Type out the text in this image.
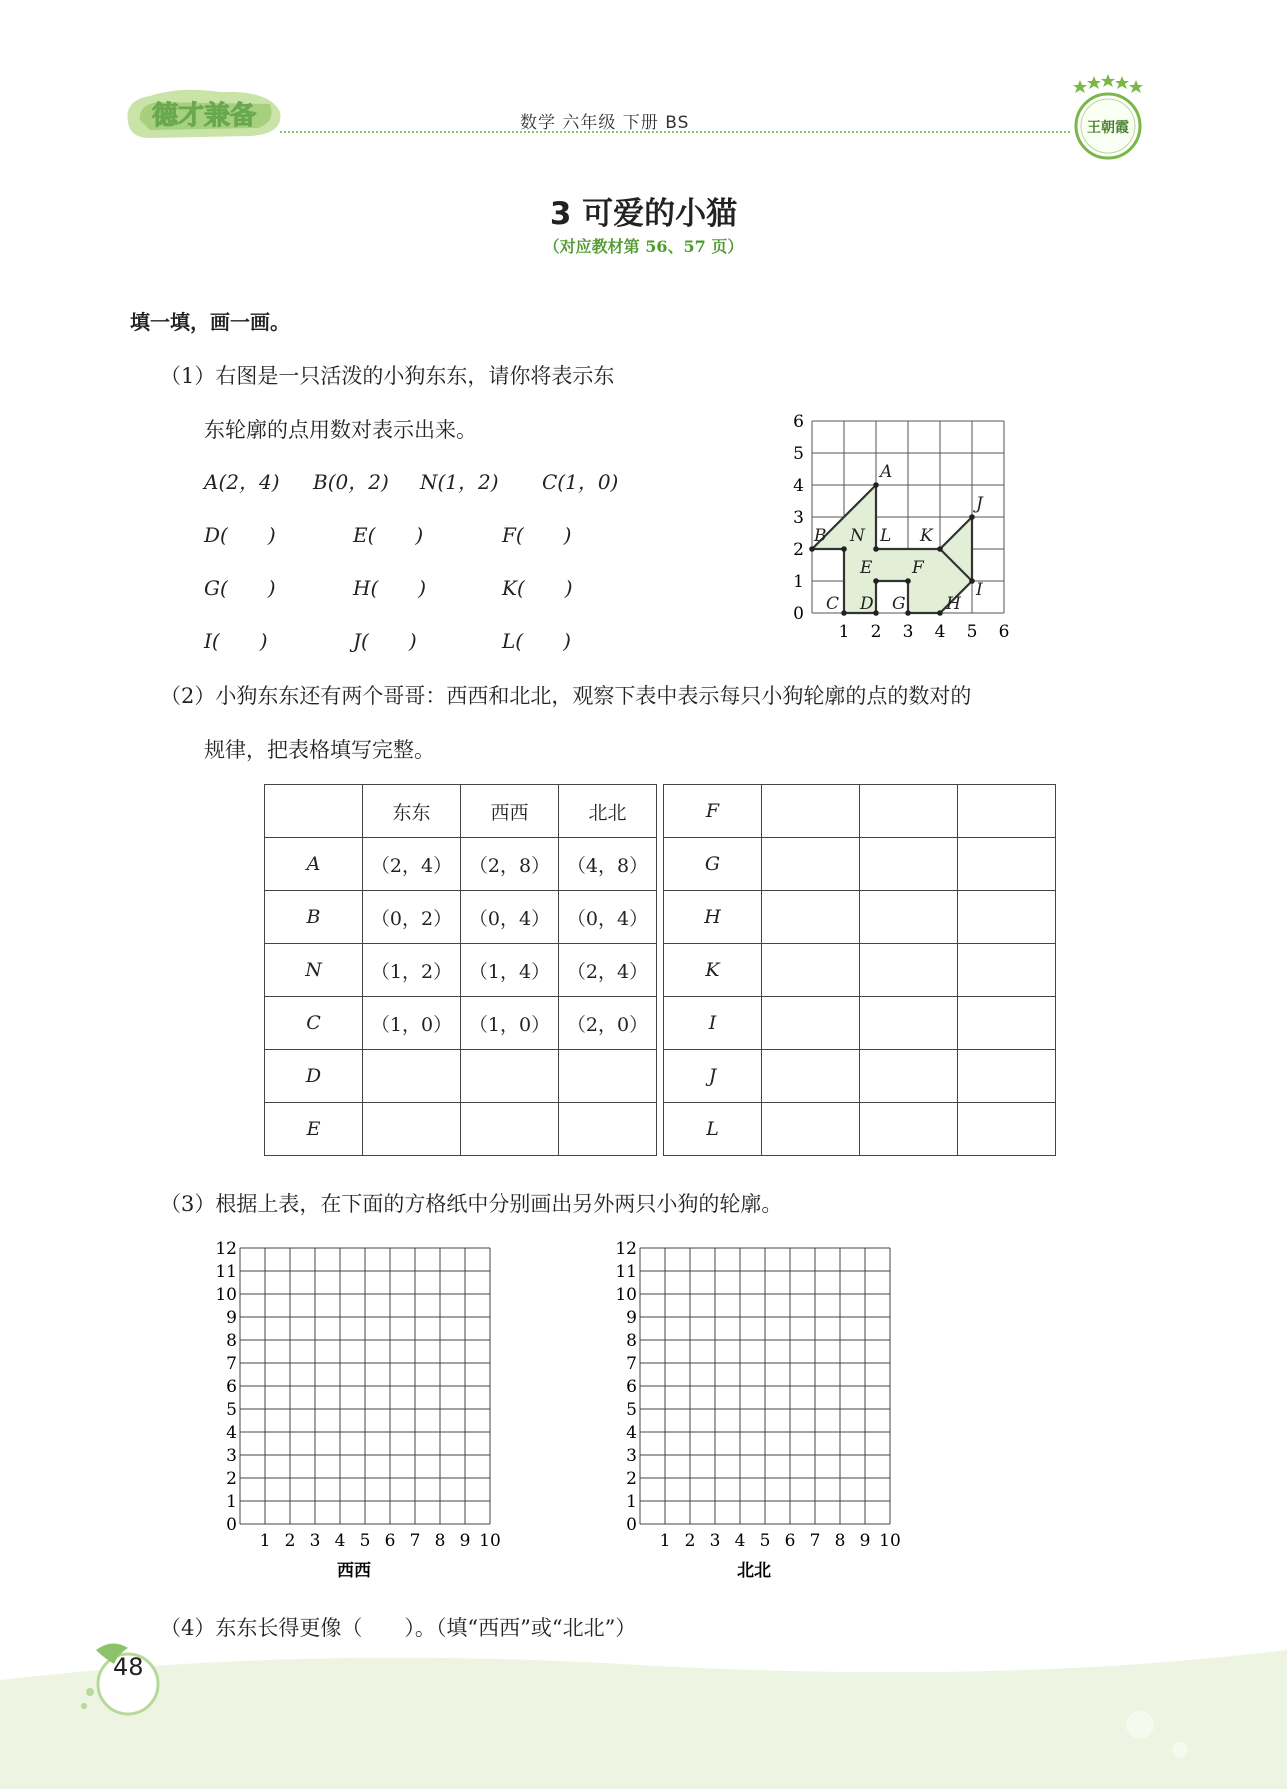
德才兼备	数学 六年级 下册 BS	王朝霞
3 可爱的小猫
（对应教材第 56、57 页）
填一填，画一画。
（1）右图是一只活泼的小狗东东，请你将表示东
东轮廓的点用数对表示出来。
A(2，4) B(0，2) N(1，2) C(1，0)
D(　　)	E(　　)	F(　　)
G(　　)	H(　　)	K(　　)
I(　　)	J(　　)	L(　　)
A
B N
C D
E F
G H
I
J
K
L
1 2 3 4 5 6
0
1
2
3
4
5
6
（2）小狗东东还有两个哥哥：西西和北北，观察下表中表示每只小狗轮廓的点的数对的
规律，把表格填写完整。
	东东	西西	北北		F			
A	（2，4）	（2，8）	（4，8）		G			
B	（0，2）	（0，4）	（0，4）		H			
N	（1，2）	（1，4）	（2，4）		K			
C	（1，0）	（1，0）	（2，0）		I			
D					J			
E					L			
（3）根据上表，在下面的方格纸中分别画出另外两只小狗的轮廓。
1 2 3 4 5 6 7 8 9 10
0
1
2
3
4
5
6
7
8
9
10
11
12
西西
1 2 3 4 5 6 7 8 9 10
0
1
2
3
4
5
6
7
8
9
10
11
12
北北
（4）东东长得更像（　　）。（填“西西”或“北北”）
48
